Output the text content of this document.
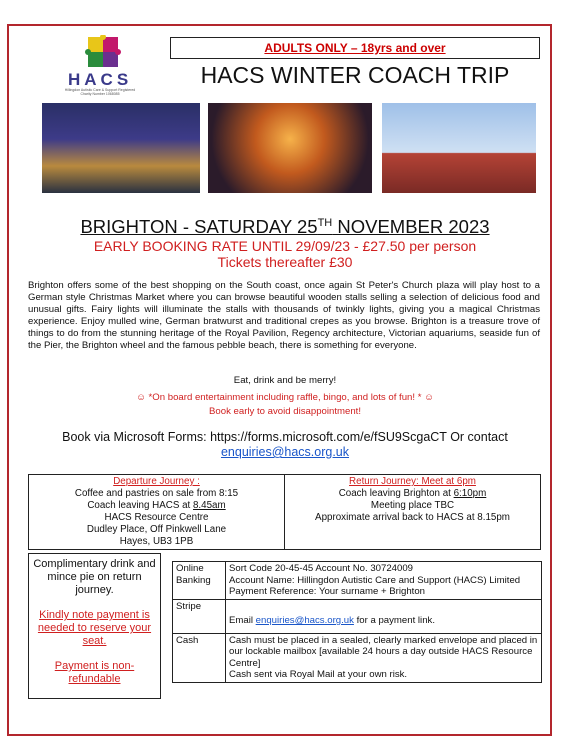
HACS
Hillingdon Autistic Care & Support Registered Charity Number 1068085
ADULTS ONLY – 18yrs and over
HACS WINTER COACH TRIP
BRIGHTON - SATURDAY 25TH NOVEMBER 2023
EARLY BOOKING RATE UNTIL 29/09/23 - £27.50 per person
Tickets thereafter £30
Brighton offers some of the best shopping on the South coast, once again St Peter's Church plaza will play host to a German style Christmas Market where you can browse beautiful wooden stalls selling a selection of delicious food and unusual gifts. Fairy lights will illuminate the stalls with thousands of twinkly lights, giving you a magical Christmas experience. Enjoy mulled wine, German bratwurst and traditional crepes as you browse. Brighton is a treasure trove of things to do from the stunning heritage of the Royal Pavilion, Regency architecture, Victorian aquariums, seaside fun of the Pier, the Brighton wheel and the famous pebble beach, there is something for everyone.
Eat, drink and be merry!
☺ *On board entertainment including raffle, bingo, and lots of fun! * ☺
Book early to avoid disappointment!
Book via Microsoft Forms: https://forms.microsoft.com/e/fSU9ScgaCT Or contact
enquiries@hacs.org.uk
Departure Journey :
Coffee and pastries on sale from 8:15
Coach leaving HACS at 8.45am
HACS Resource Centre
Dudley Place, Off Pinkwell Lane
Hayes, UB3 1PB

Return Journey: Meet at 6pm
Coach leaving Brighton at 6:10pm
Meeting place TBC
Approximate arrival back to HACS at 8.15pm
Complimentary drink and mince pie on return journey.
Kindly note payment is needed to reserve your seat.
Payment is non-refundable
Online Banking	Sort Code 20-45-45 Account No. 30724009
Account Name: Hillingdon Autistic Care and Support (HACS) Limited
Payment Reference: Your surname + Brighton

Stripe	Email enquiries@hacs.org.uk for a payment link.
Cash	Cash must be placed in a sealed, clearly marked envelope and placed in our lockable mailbox [available 24 hours a day outside HACS Resource Centre]
Cash sent via Royal Mail at your own risk.
